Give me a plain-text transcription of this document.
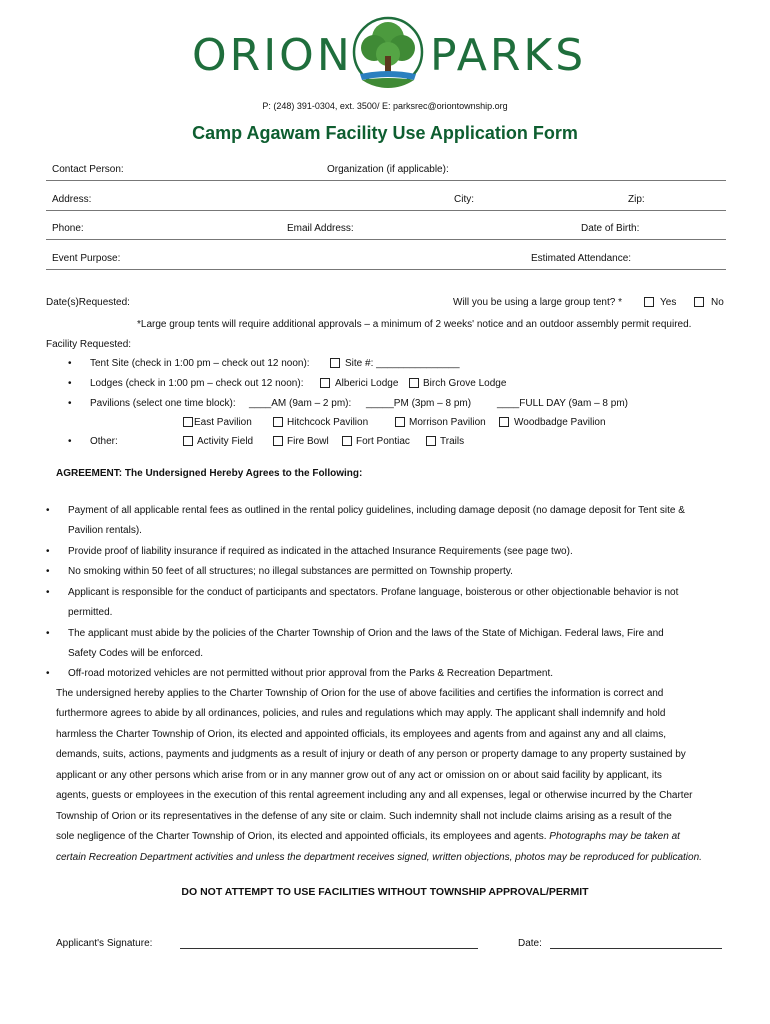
ORION PARKS
P: (248) 391-0304, ext. 3500/ E: parksrec@oriontownship.org
Camp Agawam Facility Use Application Form
Contact Person:	Organization (if applicable):
Address:	City:	Zip:
Phone:	Email Address:	Date of Birth:
Event Purpose:	Estimated Attendance:
Date(s)Requested:	Will you be using a large group tent? *	Yes	No
*Large group tents will require additional approvals – a minimum of 2 weeks' notice and an outdoor assembly permit required.
Facility Requested:
• Tent Site (check in 1:00 pm – check out 12 noon):	Site #: _______________
• Lodges (check in 1:00 pm – check out 12 noon):	Alberici Lodge Birch Grove Lodge
• Pavilions (select one time block): ____AM (9am – 2 pm): _____PM (3pm – 8 pm)	____FULL DAY (9am – 8 pm)
East Pavilion	Hitchcock Pavilion	Morrison Pavilion	Woodbadge Pavilion
• Other:	Activity Field	Fire Bowl	Fort Pontiac	Trails
AGREEMENT: The Undersigned Hereby Agrees to the Following:
• Payment of all applicable rental fees as outlined in the rental policy guidelines, including damage deposit (no damage deposit for Tent site &
Pavilion rentals).
• Provide proof of liability insurance if required as indicated in the attached Insurance Requirements (see page two).
• No smoking within 50 feet of all structures; no illegal substances are permitted on Township property.
• Applicant is responsible for the conduct of participants and spectators. Profane language, boisterous or other objectionable behavior is not
permitted.
• The applicant must abide by the policies of the Charter Township of Orion and the laws of the State of Michigan. Federal laws, Fire and
Safety Codes will be enforced.
• Off-road motorized vehicles are not permitted without prior approval from the Parks & Recreation Department.
The undersigned hereby applies to the Charter Township of Orion for the use of above facilities and certifies the information is correct and
furthermore agrees to abide by all ordinances, policies, and rules and regulations which may apply. The applicant shall indemnify and hold
harmless the Charter Township of Orion, its elected and appointed officials, its employees and agents from and against any and all claims,
demands, suits, actions, payments and judgments as a result of injury or death of any person or property damage to any property sustained by
applicant or any other persons which arise from or in any manner grow out of any act or omission on or about said facility by applicant, its
agents, guests or employees in the execution of this rental agreement including any and all expenses, legal or otherwise incurred by the Charter
Township of Orion or its representatives in the defense of any site or claim. Such indemnity shall not include claims arising as a result of the
sole negligence of the Charter Township of Orion, its elected and appointed officials, its employees and agents. Photographs may be taken at
certain Recreation Department activities and unless the department receives signed, written objections, photos may be reproduced for publication.
DO NOT ATTEMPT TO USE FACILITIES WITHOUT TOWNSHIP APPROVAL/PERMIT
Applicant's Signature:	Date:
